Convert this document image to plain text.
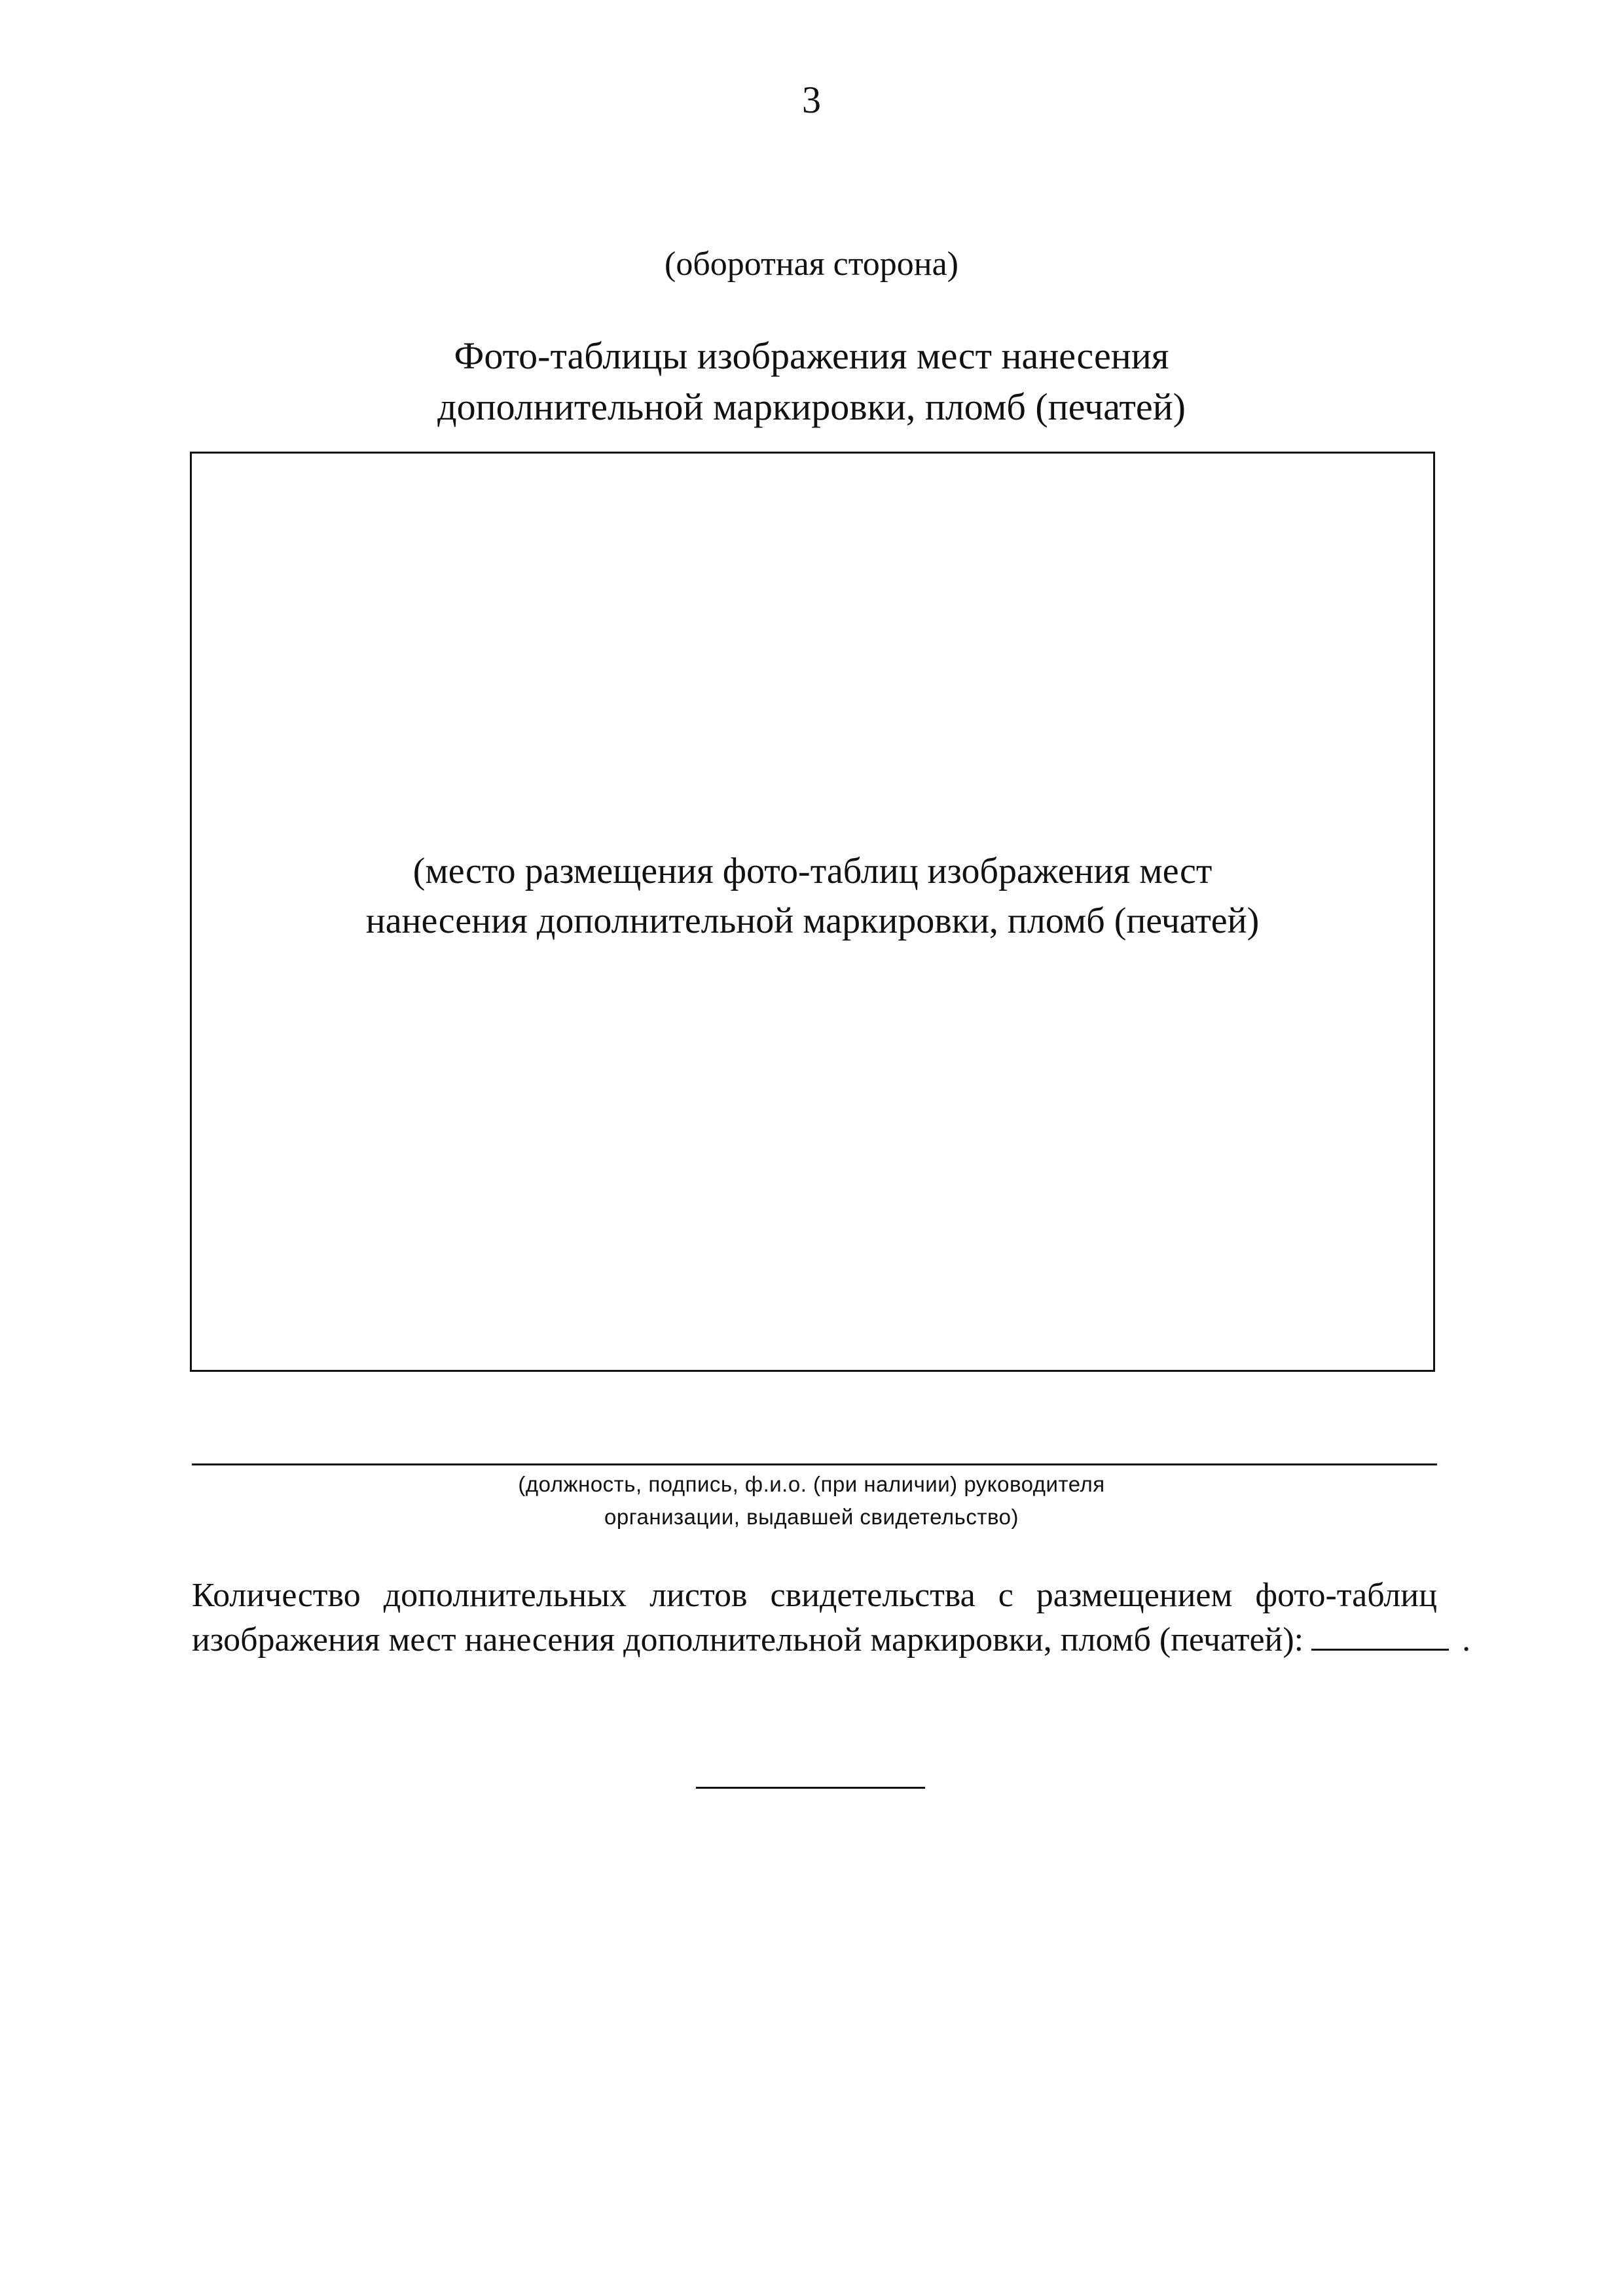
3
(оборотная сторона)
Фото-таблицы изображения мест нанесения
дополнительной маркировки, пломб (печатей)
(место размещения фото-таблиц изображения мест
нанесения дополнительной маркировки, пломб (печатей)
(должность, подпись, ф.и.о. (при наличии) руководителя
организации, выдавшей свидетельство)
Количество дополнительных листов свидетельства с размещением фото-таблиц
изображения мест нанесения дополнительной маркировки, пломб (печатей):	.
